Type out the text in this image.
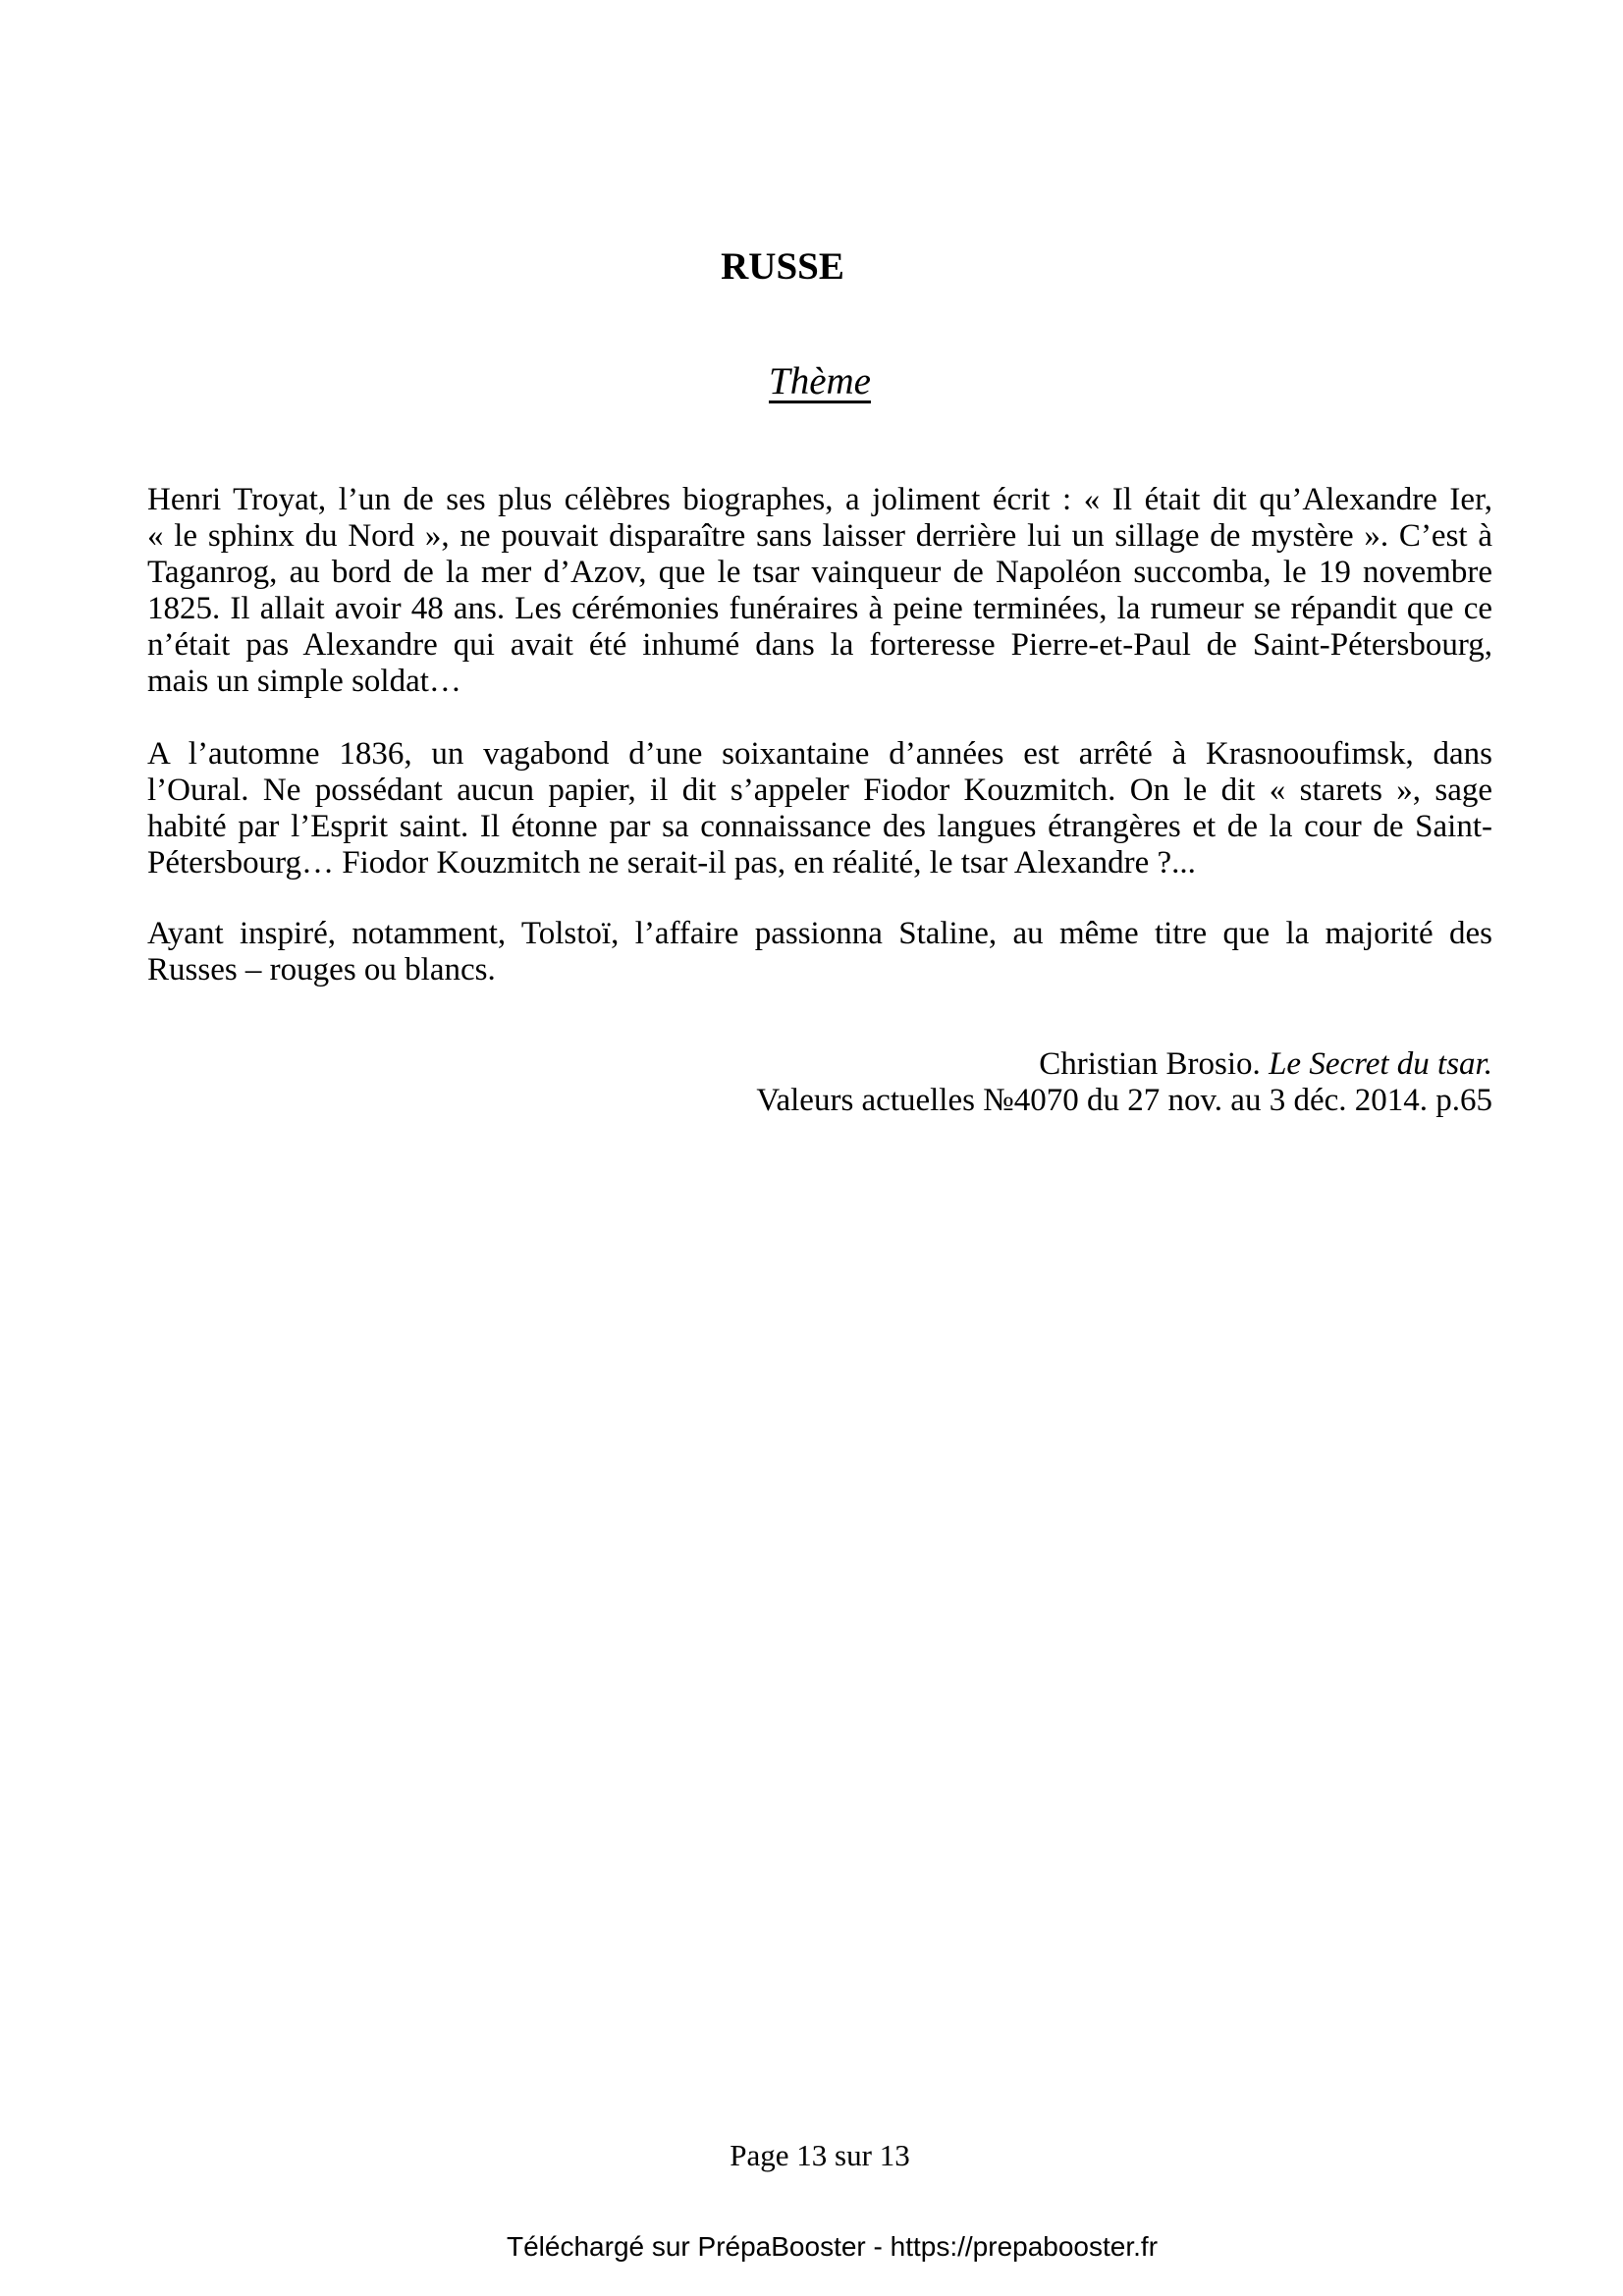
RUSSE
Thème
Henri Troyat, l’un de ses plus célèbres biographes, a joliment écrit : « Il était dit qu’Alexandre Ier,
« le sphinx du Nord », ne pouvait disparaître sans laisser derrière lui un sillage de mystère ». C’est à
Taganrog, au bord de la mer d’Azov, que le tsar vainqueur de Napoléon succomba, le 19 novembre
1825. Il allait avoir 48 ans. Les cérémonies funéraires à peine terminées, la rumeur se répandit que ce
n’était pas Alexandre qui avait été inhumé dans la forteresse Pierre-et-Paul de Saint-Pétersbourg,
mais un simple soldat…
A l’automne 1836, un vagabond d’une soixantaine d’années est arrêté à Krasnooufimsk, dans
l’Oural. Ne possédant aucun papier, il dit s’appeler Fiodor Kouzmitch. On le dit « starets », sage
habité par l’Esprit saint. Il étonne par sa connaissance des langues étrangères et de la cour de Saint-
Pétersbourg… Fiodor Kouzmitch ne serait-il pas, en réalité, le tsar Alexandre ?...
Ayant inspiré, notamment, Tolstoï, l’affaire passionna Staline, au même titre que la majorité des
Russes – rouges ou blancs.
Christian Brosio. Le Secret du tsar.
Valeurs actuelles №4070 du 27 nov. au 3 déc. 2014. p.65
Page 13 sur 13
Téléchargé sur PrépaBooster - https://prepabooster.fr
